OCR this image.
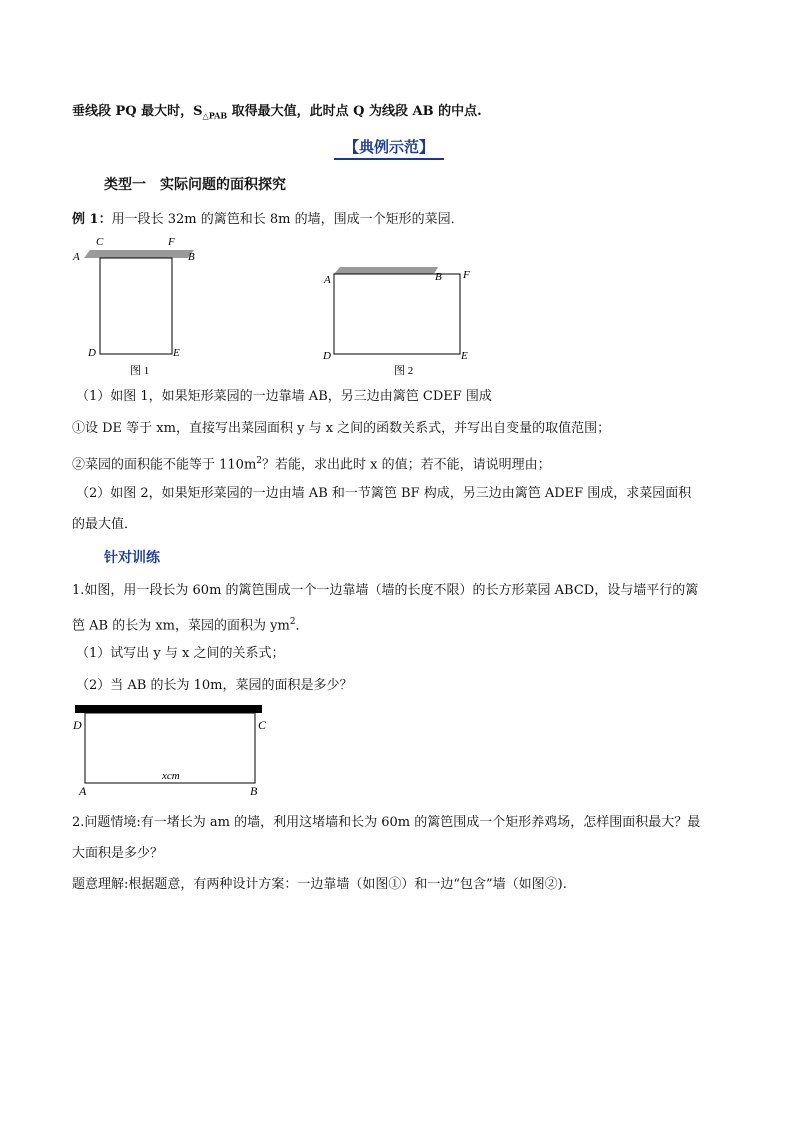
垂线段 PQ 最大时，$S_{\triangle PAB}$ 取得最大值，此时点 Q 为线段 AB 的中点.
【典例示范】
类型一　实际问题的面积探究
例 1：用一段长 32m 的篱笆和长 8m 的墙，围成一个矩形的菜园．
A
C	F
B
D	E
图 1
A	B F
D	E
图 2
（1）如图 1，如果矩形菜园的一边靠墙 AB，另三边由篱笆 CDEF 围成
①设 DE 等于 xm，直接写出菜园面积 y 与 x 之间的函数关系式，并写出自变量的取值范围；
②菜园的面积能不能等于 $110m^2$？若能，求出此时 x 的值；若不能，请说明理由；
（2）如图 2，如果矩形菜园的一边由墙 AB 和一节篱笆 BF 构成，另三边由篱笆 ADEF 围成，求菜园面积
的最大值．
针对训练
1.如图，用一段长为 60m 的篱笆围成一个一边靠墙（墙的长度不限）的长方形菜园 ABCD，设与墙平行的篱
笆 AB 的长为 xm，菜园的面积为 $ym^2$．
（1）试写出 y 与 x 之间的关系式；
（2）当 AB 的长为 10m，菜园的面积是多少？
D	C
A	B
xcm
2.问题情境:有一堵长为 am 的墙，利用这堵墙和长为 60m 的篱笆围成一个矩形养鸡场，怎样围面积最大？最
大面积是多少？
题意理解:根据题意，有两种设计方案：一边靠墙（如图①）和一边“包含”墙（如图②).
